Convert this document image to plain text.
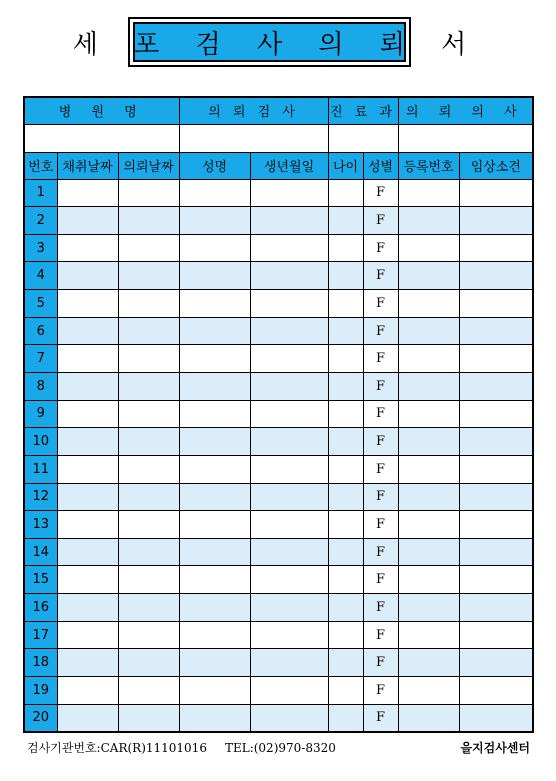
세 포 검 사 의 뢰 서
병 원 명			의 뢰 검 사		진 료 과		의 뢰 의 사	

번호	채취날짜	의뢰날짜	성명	생년월일	나이	성별	등록번호	임상소견
1						F		
2						F		
3						F		
4						F		
5						F		
6						F		
7						F		
8						F		
9						F		
10						F		
11						F		
12						F		
13						F		
14						F		
15						F		
16						F		
17						F		
18						F		
19						F		
20						F		
검사기관번호:CAR(R)11101016 TEL:(02)970-8320	을지검사센터
